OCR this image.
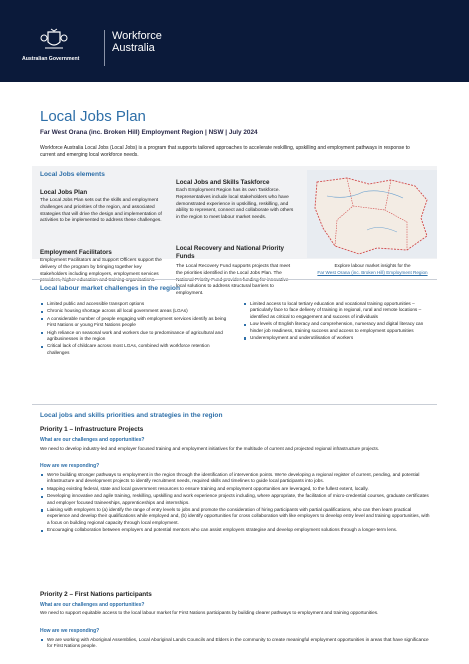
Australian Government
Workforce
Australia
Local Jobs Plan
Far West Orana (inc. Broken Hill) Employment Region | NSW | July 2024
Workforce Australia Local Jobs (Local Jobs) is a program that supports tailored approaches to accelerate reskilling, upskilling and employment pathways in response to current and emerging local workforce needs.
Local Jobs elements
Local Jobs Plan
The Local Jobs Plan sets out the skills and employment challenges and priorities of the region, and associated strategies that will drive the design and implementation of activities to be implemented to address these challenges.
Employment Facilitators
Employment Facilitators and Support Officers support the delivery of the program by bringing together key stakeholders including employers, employment services providers, higher education and training organisations.
Local Jobs and Skills Taskforce
Each Employment Region has its own Taskforce. Representatives include local stakeholders who have demonstrated experience in upskilling, reskilling, and ability to represent, connect and collaborate with others in the region to meet labour market needs.
Local Recovery and National Priority Funds
The Local Recovery Fund supports projects that meet the priorities identified in the Local Jobs Plan. The National Priority Fund provides funding for innovative local solutions to address structural barriers to employment.
Explore labour market insights for the
Far West Orana (inc. Broken Hill) Employment Region
Local labour market challenges in the region
Limited public and accessible transport options
Chronic housing shortage across all local government areas (LGAs)
A considerable number of people engaging with employment services identify as being First Nations or young First Nations people
High reliance on seasonal work and workers due to predominance of agricultural and agribusinesses in the region
Critical lack of childcare across most LGAs, combined with workforce retention challenges
Limited access to local tertiary education and vocational training opportunities – particularly face to face delivery of training in regional, rural and remote locations – identified as critical to engagement and success of individuals
Low levels of English literacy and comprehension, numeracy and digital literacy can hinder job readiness, training success and access to employment opportunities
Underemployment and underutilisation of workers
Local jobs and skills priorities and strategies in the region
Priority 1 – Infrastructure Projects
What are our challenges and opportunities?
We need to develop industry-led and employer focused training and employment initiatives for the multitude of current and projected regional infrastructure projects.
How are we responding?
We're building stronger pathways to employment in the region through the identification of intervention points. We're developing a regional register of current, pending, and potential infrastructure and development projects to identify recruitment needs, required skills and timelines to guide local participants into jobs.
Mapping existing federal, state and local government resources to ensure training and employment opportunities are leveraged, to the fullest extent, locally.
Developing innovative and agile training, reskilling, upskilling and work experience projects including, where appropriate, the facilitation of micro-credential courses, graduate certificates and employer focused traineeships, apprenticeships and internships.
Liaising with employers to (a) identify the range of entry levels to jobs and promote the consideration of hiring participants with partial qualifications, who can then learn practical experience and develop their qualifications while employed and, (b) identify opportunities for cross collaboration with like employers to develop entry level and training opportunities, with a focus on building regional capacity through local employment.
Encouraging collaboration between employers and potential mentors who can assist employers strategise and develop employment solutions through a longer-term lens.
Priority 2 – First Nations participants
What are our challenges and opportunities?
We need to support equitable access to the local labour market for First Nations participants by building clearer pathways to employment and training opportunities.
How are we responding?
We are working with Aboriginal Assemblies, Local Aboriginal Lands Councils and Elders in the community to create meaningful employment opportunities in areas that have significance for First Nations people.
